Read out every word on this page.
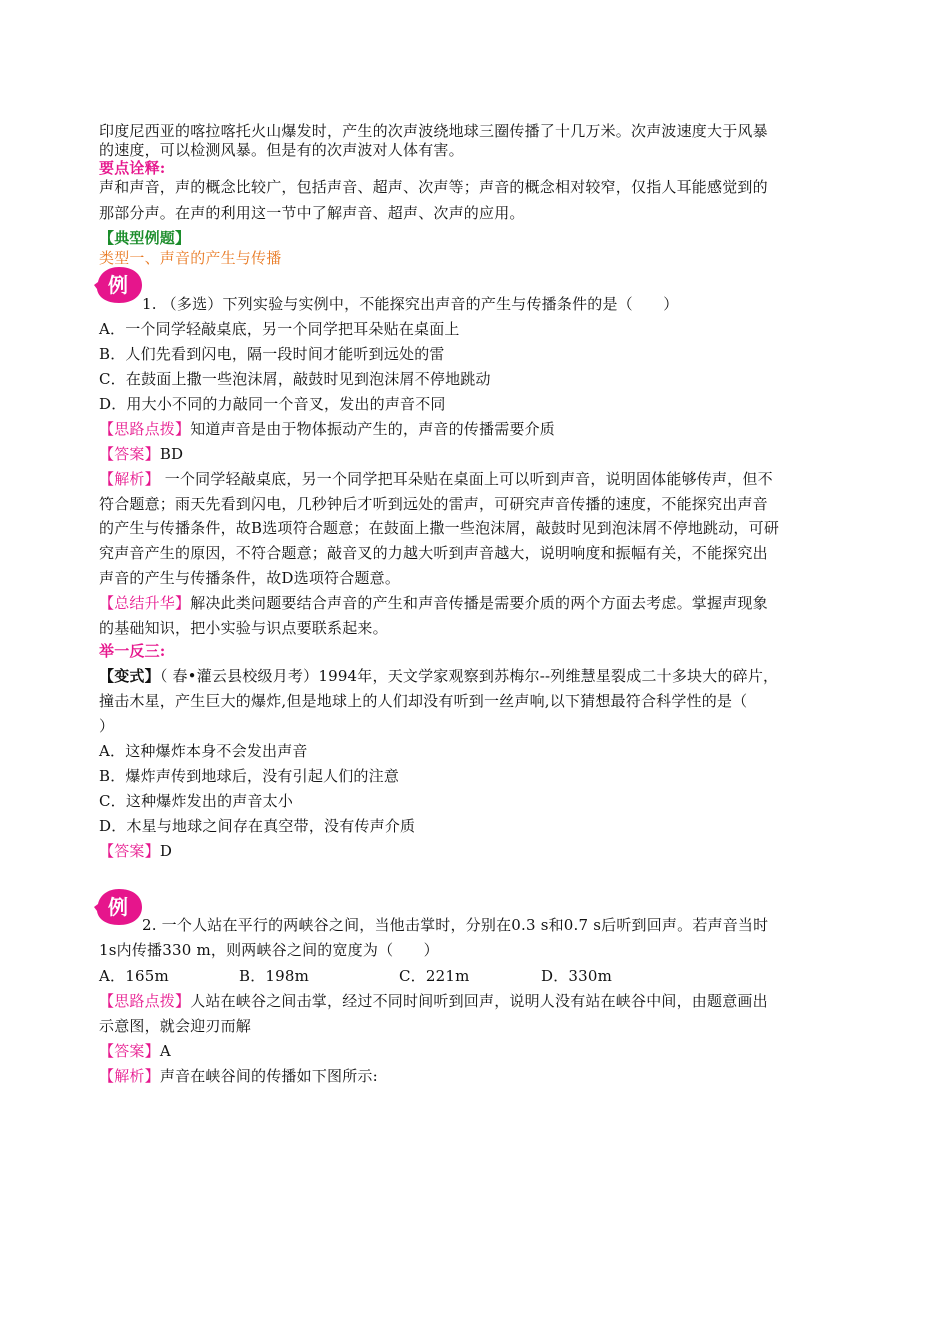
印度尼西亚的喀拉喀托火山爆发时，产生的次声波绕地球三圈传播了十几万米。次声波速度大于风暴
的速度，可以检测风暴。但是有的次声波对人体有害。
要点诠释:
声和声音，声的概念比较广，包括声音、超声、次声等；声音的概念相对较窄，仅指人耳能感觉到的
那部分声。在声的利用这一节中了解声音、超声、次声的应用。
【典型例题】
类型一、声音的产生与传播
例
1. （多选）下列实验与实例中，不能探究出声音的产生与传播条件的是（　　）
A．一个同学轻敲桌底，另一个同学把耳朵贴在桌面上
B．人们先看到闪电，隔一段时间才能听到远处的雷
C．在鼓面上撒一些泡沫屑，敲鼓时见到泡沫屑不停地跳动
D．用大小不同的力敲同一个音叉，发出的声音不同
【思路点拨】知道声音是由于物体振动产生的，声音的传播需要介质
【答案】BD
【解析】 一个同学轻敲桌底，另一个同学把耳朵贴在桌面上可以听到声音，说明固体能够传声，但不
符合题意；雨天先看到闪电，几秒钟后才听到远处的雷声，可研究声音传播的速度，不能探究出声音
的产生与传播条件，故B选项符合题意；在鼓面上撒一些泡沫屑，敲鼓时见到泡沫屑不停地跳动，可研
究声音产生的原因，不符合题意；敲音叉的力越大听到声音越大，说明响度和振幅有关，不能探究出
声音的产生与传播条件，故D选项符合题意。
【总结升华】解决此类问题要结合声音的产生和声音传播是需要介质的两个方面去考虑。掌握声现象
的基础知识，把小实验与识点要联系起来。
举一反三:
【变式】（ 春•灌云县校级月考）1994年，天文学家观察到苏梅尔--列维慧星裂成二十多块大的碎片，
撞击木星，产生巨大的爆炸,但是地球上的人们却没有听到一丝声响,以下猜想最符合科学性的是（
）
A．这种爆炸本身不会发出声音
B．爆炸声传到地球后，没有引起人们的注意
C．这种爆炸发出的声音太小
D．木星与地球之间存在真空带，没有传声介质
【答案】D
例
2. 一个人站在平行的两峡谷之间，当他击掌时，分别在0.3 s和0.7 s后听到回声。若声音当时
1s内传播330 m，则两峡谷之间的宽度为（　　）
A．165m	B．198m	C．221m	D．330m
【思路点拨】人站在峡谷之间击掌，经过不同时间听到回声，说明人没有站在峡谷中间，由题意画出
示意图，就会迎刃而解
【答案】A
【解析】声音在峡谷间的传播如下图所示:
